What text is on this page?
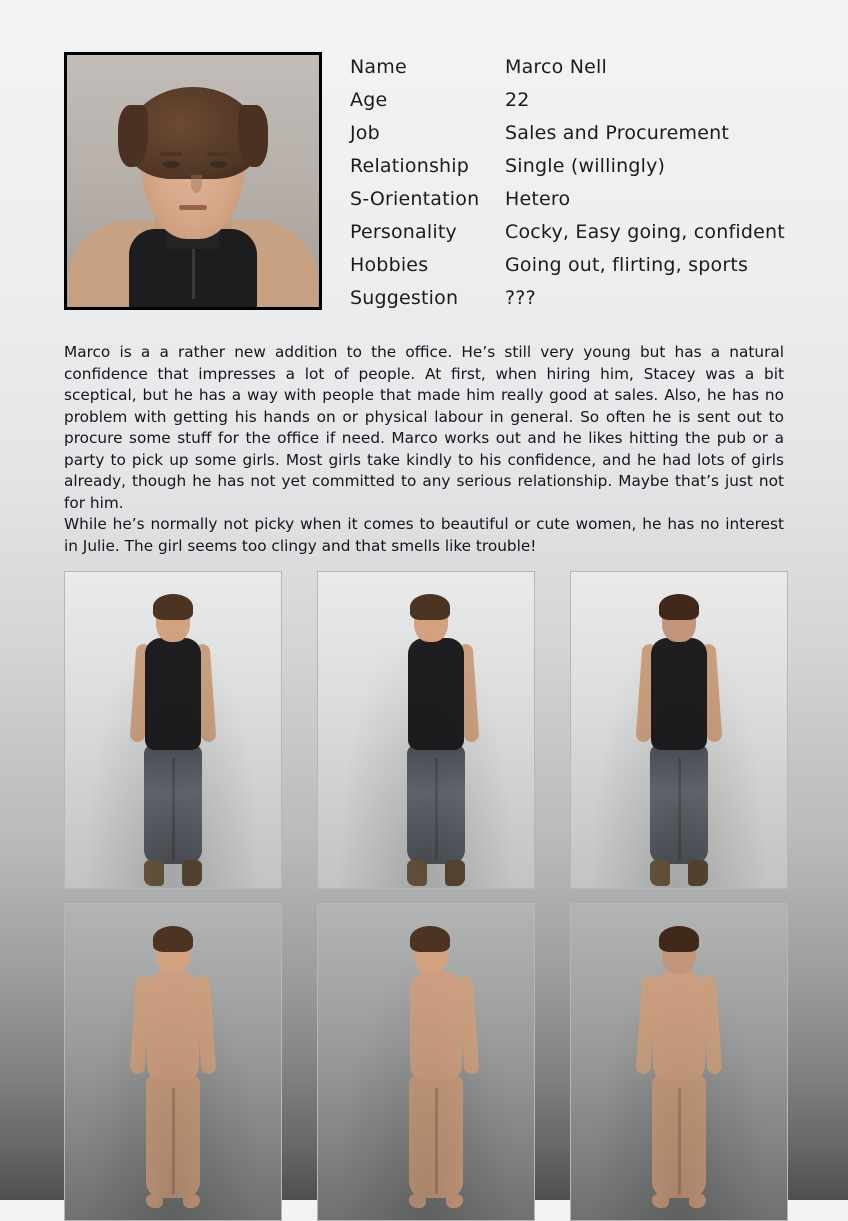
Name	Marco Nell
Age	22
Job	Sales and Procurement
Relationship	Single (willingly)
S-Orientation	Hetero
Personality	Cocky, Easy going, confident
Hobbies	Going out, flirting, sports
Suggestion	???

Marco is a a rather new addition to the office. He’s still very young but has a natural confidence that impresses a lot of people. At first, when hiring him, Stacey was a bit sceptical, but he has a way with people that made him really good at sales. Also, he has no problem with getting his hands on or physical labour in general. So often he is sent out to procure some stuff for the office if need. Marco works out and he likes hitting the pub or a party to pick up some girls. Most girls take kindly to his confidence, and he had lots of girls already, though he has not yet committed to any serious relationship. Maybe that’s just not for him.

While he’s normally not picky when it comes to beautiful or cute women, he has no interest in Julie. The girl seems too clingy and that smells like trouble!
